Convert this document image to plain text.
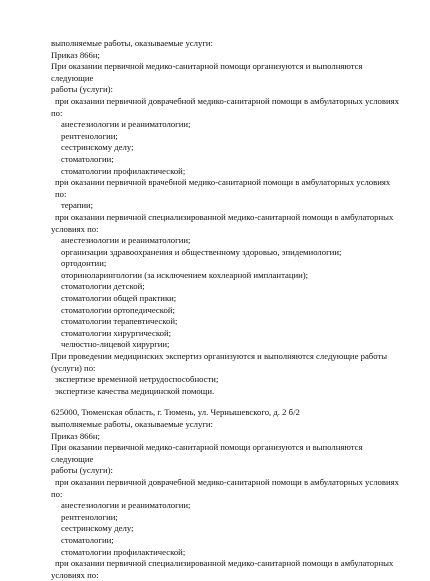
выполняемые работы, оказываемые услуги:

Приказ 866н;

При оказании первичной медико-санитарной помощи организуются и выполняются следующие

работы (услуги):

при оказании первичной доврачебной медико-санитарной помощи в амбулаторных условиях

по:

анестезиологии и реаниматологии;

рентгенологии;

сестринскому делу;

стоматологии;

стоматологии профилактической;

при оказании первичной врачебной медико-санитарной помощи в амбулаторных условиях по:

терапии;

при оказании первичной специализированной медико-санитарной помощи в амбулаторных

условиях по:

анестезиологии и реаниматологии;

организации здравоохранения и общественному здоровью, эпидемиологии;

ортодонтии;

оториноларингологии (за исключением кохлеарной имплантации);

стоматологии детской;

стоматологии общей практики;

стоматологии ортопедической;

стоматологии терапевтической;

стоматологии хирургической;

челюстно-лицевой хирургии;

При проведении медицинских экспертиз организуются и выполняются следующие работы

(услуги) по:

экспертизе временной нетрудоспособности;

экспертизе качества медицинской помощи.

625000, Тюменская область, г. Тюмень, ул. Чернышевского, д. 2 б/2

выполняемые работы, оказываемые услуги:

Приказ 866н;

При оказании первичной медико-санитарной помощи организуются и выполняются следующие

работы (услуги):

при оказании первичной доврачебной медико-санитарной помощи в амбулаторных условиях

по:

анестезиологии и реаниматологии;

рентгенологии;

сестринскому делу;

стоматологии;

стоматологии профилактической;

при оказании первичной специализированной медико-санитарной помощи в амбулаторных

условиях по:
